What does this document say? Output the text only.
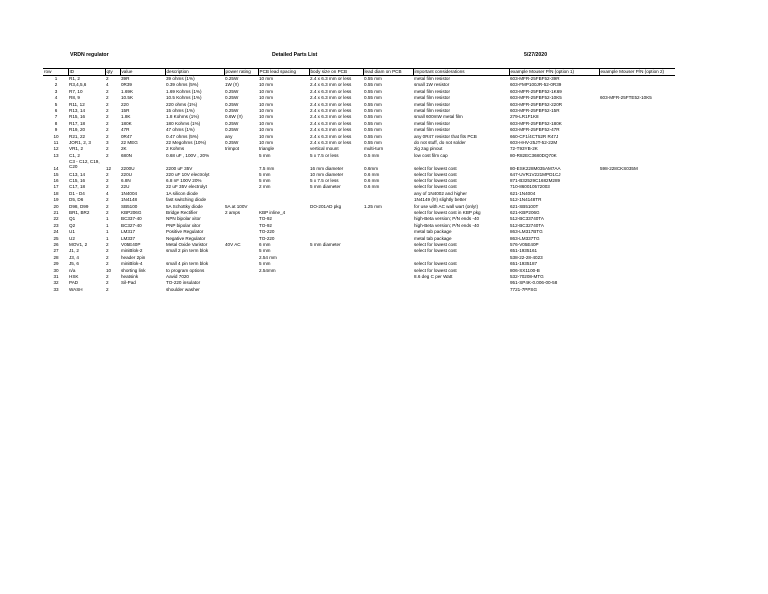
VRDN regulator	Detailed Parts List	5/27/2020
row	ID	qty	value	description	power rating	PCB lead spacing	body size on PCB	lead diam on PCB	important considerations	example Mouser P/N (option 1)	example Mouser P/N (option 2)
1	R1, 2	2	39R	39 ohms (1%)	0.25W	10 mm	2.4 x 6.3 mm or less	0.55 mm	metal film resistor	603-MFR-25FBF52-39R	
2	R3,4,5,6	4	0R39	0.39 ohms (5%)	1W (!!)	10 mm	2.4 x 6.3 mm or less	0.55 mm	small 1W resistor	603-FMP100JR-52-0R39	
3	R7, 10	2	1.69K	1.69 Kohms (1%)	0.25W	10 mm	2.4 x 6.3 mm or less	0.55 mm	metal film resistor	603-MFR-25FBF52-1K69	
4	R8, 9	2	10.5K	10.5 Kohms (1%)	0.25W	10 mm	2.4 x 6.3 mm or less	0.55 mm	metal film resistor	603-MFR-25FBF52-10K5	603-MFR-25FTE52-10K5
5	R11, 12	2	220	220 ohms (1%)	0.25W	10 mm	2.4 x 6.3 mm or less	0.55 mm	metal film resistor	603-MFR-25FBF52-220R	
6	R13, 14	2	15R	15 ohms (1%)	0.25W	10 mm	2.4 x 6.3 mm or less	0.55 mm	metal film resistor	603-MFR-25FBF52-15R	
7	R15, 16	2	1.8K	1.8 Kohms (1%)	0.6W (!!)	10 mm	2.4 x 6.3 mm or less	0.55 mm	small 600mW metal film	279-LR1F1K8	
8	R17, 18	2	180K	180 Kohms (1%)	0.25W	10 mm	2.4 x 6.3 mm or less	0.55 mm	metal film resistor	603-MFR-25FBF52-180K	
9	R19, 20	2	47R	47 ohms (1%)	0.25W	10 mm	2.4 x 6.3 mm or less	0.55 mm	metal film resistor	603-MFR-25FBF52-47R	
10	R21, 22	2	0R47	0.47 ohms (5%)	any	10 mm	2.4 x 6.3 mm or less	0.55 mm	any 0R47 resistor that fits PCB	660-CF1/4CT52R R47J	
11	JOR1, 2, 3	3	22 MEG	22 Megohms (10%)	0.25W	10 mm	2.4 x 6.3 mm or less	0.55 mm	do not stuff, do not solder	603-HHV-25JT-52-22M	
12	VR1, 2	2	2K	2 Kohms	trimpot	triangle	vertical mount	multi-turn	zig zag pinout	72-T93YB-2K	
13	C1, 2	2	680N	0.68 uF , 100V , 20%		5 mm	5 x 7.5 or less	0.5 mm	low cost film cap	80-R82EC3680DQ70K	
14	C3 - C12, C19, C20	12	2200U	2200 uF 35V		7.5 mm	16 mm diameter	0.6mm	select for lowest cost	80-ESK228M035AM7AA	598-228CKS035M
15	C13, 14	2	220U	220 uF 10V electrolyt		5 mm	10 mm diameter	0.6 mm	select for lowest cost	647-UVR1V221MPD1CJ	
16	C15, 16	2	6.8N	6.8 nF 100V 20%		5 mm	5 x 7.5 or less	0.6 mm	select for lowest cost	871-B32529C1682M289	
17	C17, 18	2	22U	22 uF 35V electrolyt		2 mm	5 mm diameter	0.6 mm	select for lowest cost	710-860010572003	
18	D1 - D4	4	1N4004	1A silicon diode					any of 1N4002 and higher	621-1N4004	
19	D5, D6	2	1N4148	fast switching diode					1N4149 (l!!) slightly better	512-1N4148TR	
20	D98, D99	2	SB5100	5A Schottky diode	5A at 100V		DO-201AD pkg	1.25 mm	for use with AC wall wart (only!)	621-SB5100T	
21	BR1, BR2	2	KBP206G	Bridge Rectifier	2 amps	KBP inline_4			select for lowest cost in KBP pkg	621-KBP206G	
22	Q1	1	BC337-40	NPN bipolar xitor		TO-92			high-Beta version; P/N ends -40	512-BC33740TA	
23	Q2	1	BC327-40	PNP bipolar xitor		TO-92			high-Beta version; P/N ends -40	512-BC32740TA	
24	U1	1	LM317	Positive Regulator		TO-220			metal tab package	863-LM317BTG	
25	U2	1	LM337	Negative Regulator		TO-220			metal tab package	863-LM337TG	
26	MOV1, 2	2	V05E40P	Metal Oxide Varistor	40V AC	6 mm	5 mm diameter		select for lowest cost	576-V05E40P	
27	J1, 2	2	miniBlok-2	small 2 pin term blok		5 mm			select for lowest cost	651-1935161	
28	J3, 4	2	header 2pin			2.54 mm				538-22-28-4023	
29	J5, 6	2	miniBlok-4	small 4 pin term blok		5 mm			select for lowest cost	651-1935187	
30	n/a	10	shorting link	to program options		2.54mm			select for lowest cost	806-SX1100-B	
31	HSK	2	heatsink	Aavid 7020					8.6 deg C per Watt	532-70208-MTG	
32	PAD	2	Sil-Pad	TO-220 insulator						951-SP4K-0.006-00-58	
33	WASH	2		shoulder washer						7721-7PPSG	
